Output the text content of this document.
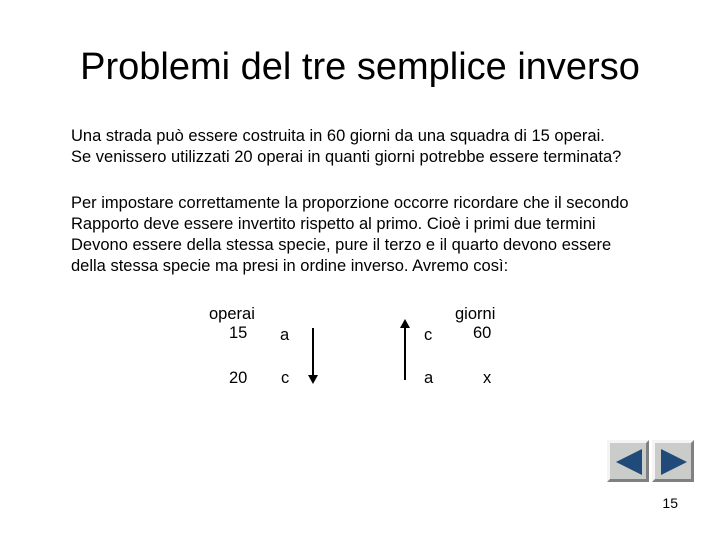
Problemi del tre semplice inverso
Una strada può essere costruita in 60 giorni da una squadra di 15 operai.
Se venissero utilizzati 20 operai in quanti giorni potrebbe essere terminata?
Per impostare correttamente la proporzione occorre ricordare che il secondo
Rapporto deve essere invertito rispetto al primo. Cioè i primi due termini
Devono essere della stessa specie, pure il terzo e il quarto devono essere
della stessa specie ma presi in ordine inverso. Avremo così:
operai
15
20
a
c
c
a
giorni
60
x
15
